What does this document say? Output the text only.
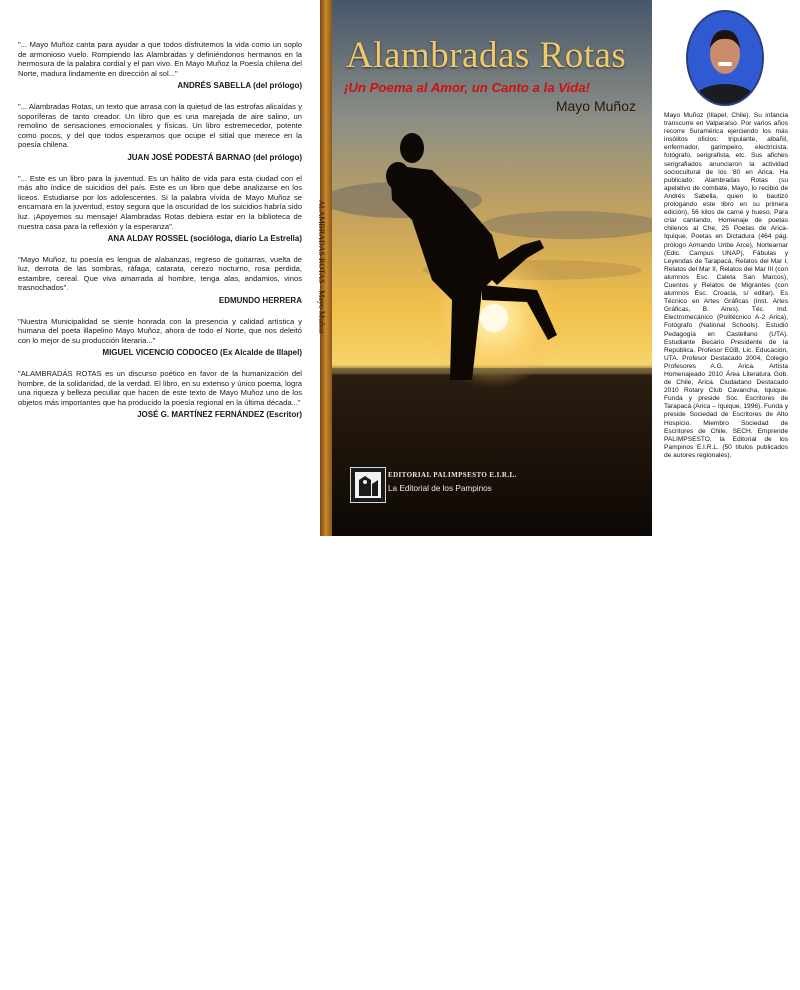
"... Mayo Muñoz canta para ayudar a que todos disfrutemos la vida como un soplo de armonioso vuelo. Rompiendo las Alambradas y definiéndonos hermanos en la hermosura de la palabra cordial y el pan vivo. En Mayo Muñoz la Poesía chilena del Norte, madura lindamente en dirección al sol..."

ANDRÉS SABELLA (del prólogo)

"... Alambradas Rotas, un texto que arrasa con la quietud de las estrofas alicaídas y soporíferas de tanto creador. Un libro que es una marejada de aire salino, un remolino de sensaciones emocionales y físicas. Un libro estremecedor, potente como pocos, y del que todos esperamos que ocupe el sitial que merece en la poesía chilena.

JUAN JOSÉ PODESTÁ BARNAO (del prólogo)

"... Este es un libro para la juventud. Es un hálito de vida para esta ciudad con el más alto índice de suicidios del país. Este es un libro que debe analizarse en los liceos. Estudiarse por los adolescentes. Si la palabra vívida de Mayo Muñoz se encarnara en la juventud, estoy segura que la oscuridad de los suicidios habría sido luz. ¡Apoyemos su mensaje! Alambradas Rotas debiera estar en la biblioteca de nuestra casa para la reflexión y la esperanza".

ANA ALDAY ROSSEL (socióloga, diario La Estrella)

"Mayo Muñoz, tu poesía es lengua de alabanzas, regreso de guitarras, vuelta de luz, derrota de las sombras, ráfaga, catarata, cerezo nocturno, rosa perdida, estambre, cereal. Que viva amarrada al hombre, tenga alas, andamios, vinos trasnochados".

EDMUNDO HERRERA

"Nuestra Municipalidad se siente honrada con la presencia y calidad artística y humana del poeta illapelino Mayo Muñoz, ahora de todo el Norte, que nos deleitó con lo mejor de su producción literaria..."

MIGUEL VICENCIO CODOCEO (Ex Alcalde de Illapel)

"ALAMBRADAS ROTAS es un discurso poético en favor de la humanización del hombre, de la solidaridad, de la verdad. El libro, en su extenso y único poema, logra una riqueza y belleza peculiar que hacen de este texto de Mayo Muñoz uno de los objetos más importantes que ha producido la poesía regional en la última década..."

JOSÉ G. MARTÍNEZ FERNÁNDEZ (Escritor)
ALAMBRADAS ROTAS · Mayo Muñoz
Alambradas Rotas
¡Un Poema al Amor, un Canto a la Vida!
Mayo Muñoz
EDITORIAL PALIMPSESTO E.I.R.L.
La Editorial de los Pampinos

Mayo Muñoz (Illapel, Chile). Su infancia transcurre en Valparaíso. Por varios años recorre Suramérica ejerciendo los más insólitos oficios: tripulante, albañil, enfermador, garimpeiro, electricista, fotógrafo, serigrafista, etc. Sus afiches serigrafiados anunciaron la actividad sociocultural de los '80 en Arica. Ha publicado: Alambradas Rotas (su apelativo de combate, Mayo, lo recibió de Andrés Sabella, quien lo bautizó prologando este libro en su primera edición), 56 kilos de carne y hueso, Para criar cantando, Homenaje de poetas chilenos al Che, 25 Poetas de Arica-Iquique, Poetas en Dictadura (464 pág. prólogo Armando Uribe Arce), Nortearnar (Edic. Campus UNAP), Fábulas y Leyendas de Tarapacá, Relatos del Mar I, Relatos del Mar II, Relatos del Mar III (con alumnos Esc. Caleta San Marcos), Cuentos y Relatos de Migrantes (con alumnos Esc. Croacia, s/ editar). Es Técnico en Artes Gráficas (Inst. Artes Gráficas, B. Aires). Téc. Ind. Electromecánico (Politécnico A-2 Arica), Fotógrafo (National Schools). Estudió Pedagogía en Castellano (UTA). Estudiante Becario Presidente de la República. Profesor EGB, Lic. Educación, UTA. Profesor Destacado 2004, Colegio Profesores A.G. Arica. Artista Homenajeado 2010 Área Literatura Gob. de Chile, Arica. Ciudadano Destacado 2010 Rotary Club Cavancha, Iquique. Funda y preside Soc. Escritores de Tarapacá (Arica – Iquique, 1996). Funda y preside Sociedad de Escritores de Alto Hospicio. Miembro Sociedad de Escritores de Chile, SECH. Emprende PALIMPSESTO, la Editorial de los Pampinos E.I.R.L. (50 títulos publicados de autores regionales).
